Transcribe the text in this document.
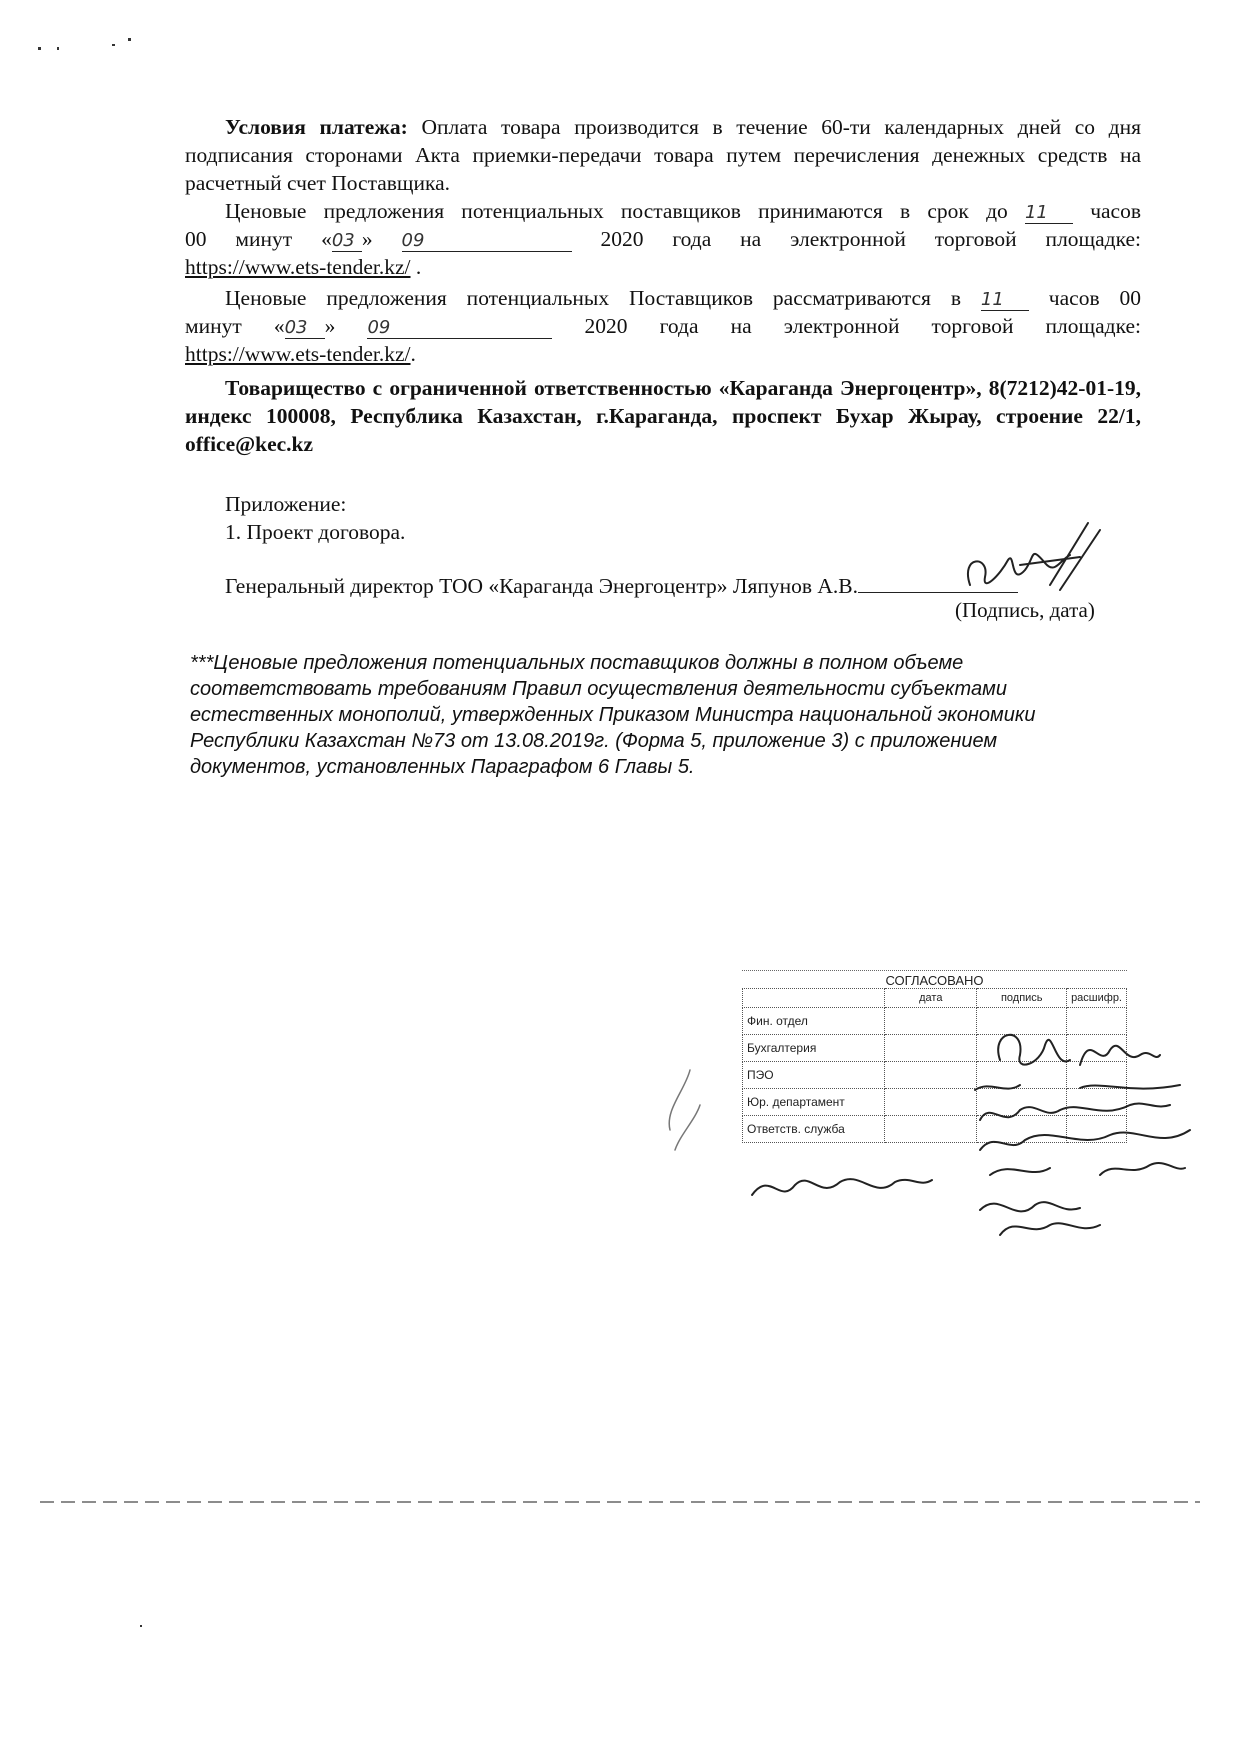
Условия платежа: Оплата товара производится в течение 60-ти календарных дней со дня подписания сторонами Акта приемки-передачи товара путем перечисления денежных средств на расчетный счет Поставщика.
Ценовые предложения потенциальных поставщиков принимаются в срок до 11 часов
00 минут «03 » 09	2020 года на электронной торговой площадке:
https://www.ets-tender.kz/ .
Ценовые предложения потенциальных Поставщиков рассматриваются в 11 часов 00
минут «03 » 09	2020 года на электронной торговой площадке:
https://www.ets-tender.kz/.
Товарищество с ограниченной ответственностью «Караганда Энергоцентр», 8(7212)42-01-19, индекс 100008, Республика Казахстан, г.Караганда, проспект Бухар Жырау, строение 22/1, office@kec.kz
Приложение:
1. Проект договора.
Генеральный директор ТОО «Караганда Энергоцентр» Ляпунов А.В.
(Подпись, дата)
***Ценовые предложения потенциальных поставщиков должны в полном объеме соответствовать требованиям Правил осуществления деятельности субъектами естественных монополий, утвержденных Приказом Министра национальной экономики Республики Казахстан №73 от 13.08.2019г. (Форма 5, приложение 3) с приложением документов, установленных Параграфом 6 Главы 5.
СОГЛАСОВАНО
	дата	подпись	расшифр.
Фин. отдел			
Бухгалтерия			
ПЭО			
Юр. департамент			
Ответств. служба			
